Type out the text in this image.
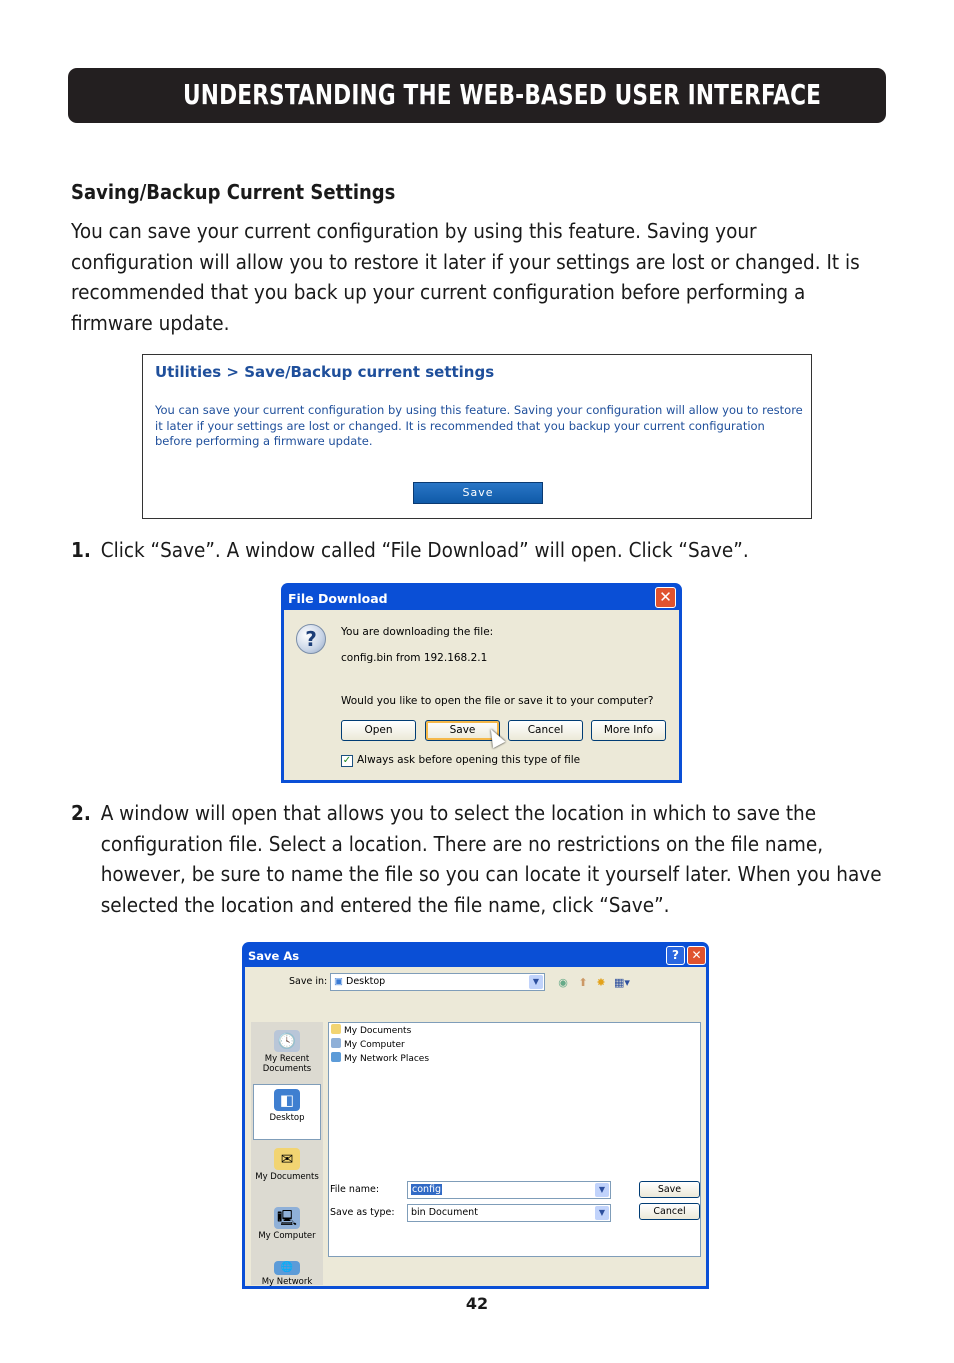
UNDERSTANDING THE WEB-BASED USER INTERFACE
Saving/Backup Current Settings
You can save your current configuration by using this feature. Saving your configuration will allow you to restore it later if your settings are lost or changed. It is recommended that you back up your current configuration before performing a firmware update.
Utilities > Save/Backup current settings
You can save your current configuration by using this feature. Saving your configuration will allow you to restore it later if your settings are lost or changed. It is recommended that you backup your current configuration before performing a firmware update.
Save
1. Click “Save”. A window called “File Download” will open. Click “Save”.
File Download	✕
?	You are downloading the file:
config.bin from 192.168.2.1
Would you like to open the file or save it to your computer?
Open	Save	Cancel	More Info
✓ Always ask before opening this type of file
2. A window will open that allows you to select the location in which to save the configuration file. Select a location. There are no restrictions on the file name, however, be sure to name the file so you can locate it yourself later. When you have selected the location and entered the file name, click “Save”.
Save As	?	✕
Save in: ▣ Desktop	▼	◉ ⬆ ✸ ▦▾
🕓
My Recent Documents
◧
Desktop
✉
My Documents
🖳
My Computer
🌐
My Network
My Documents
My Computer
My Network Places
File name:	config	▼	Save
Save as type:	bin Document	▼	Cancel
42
